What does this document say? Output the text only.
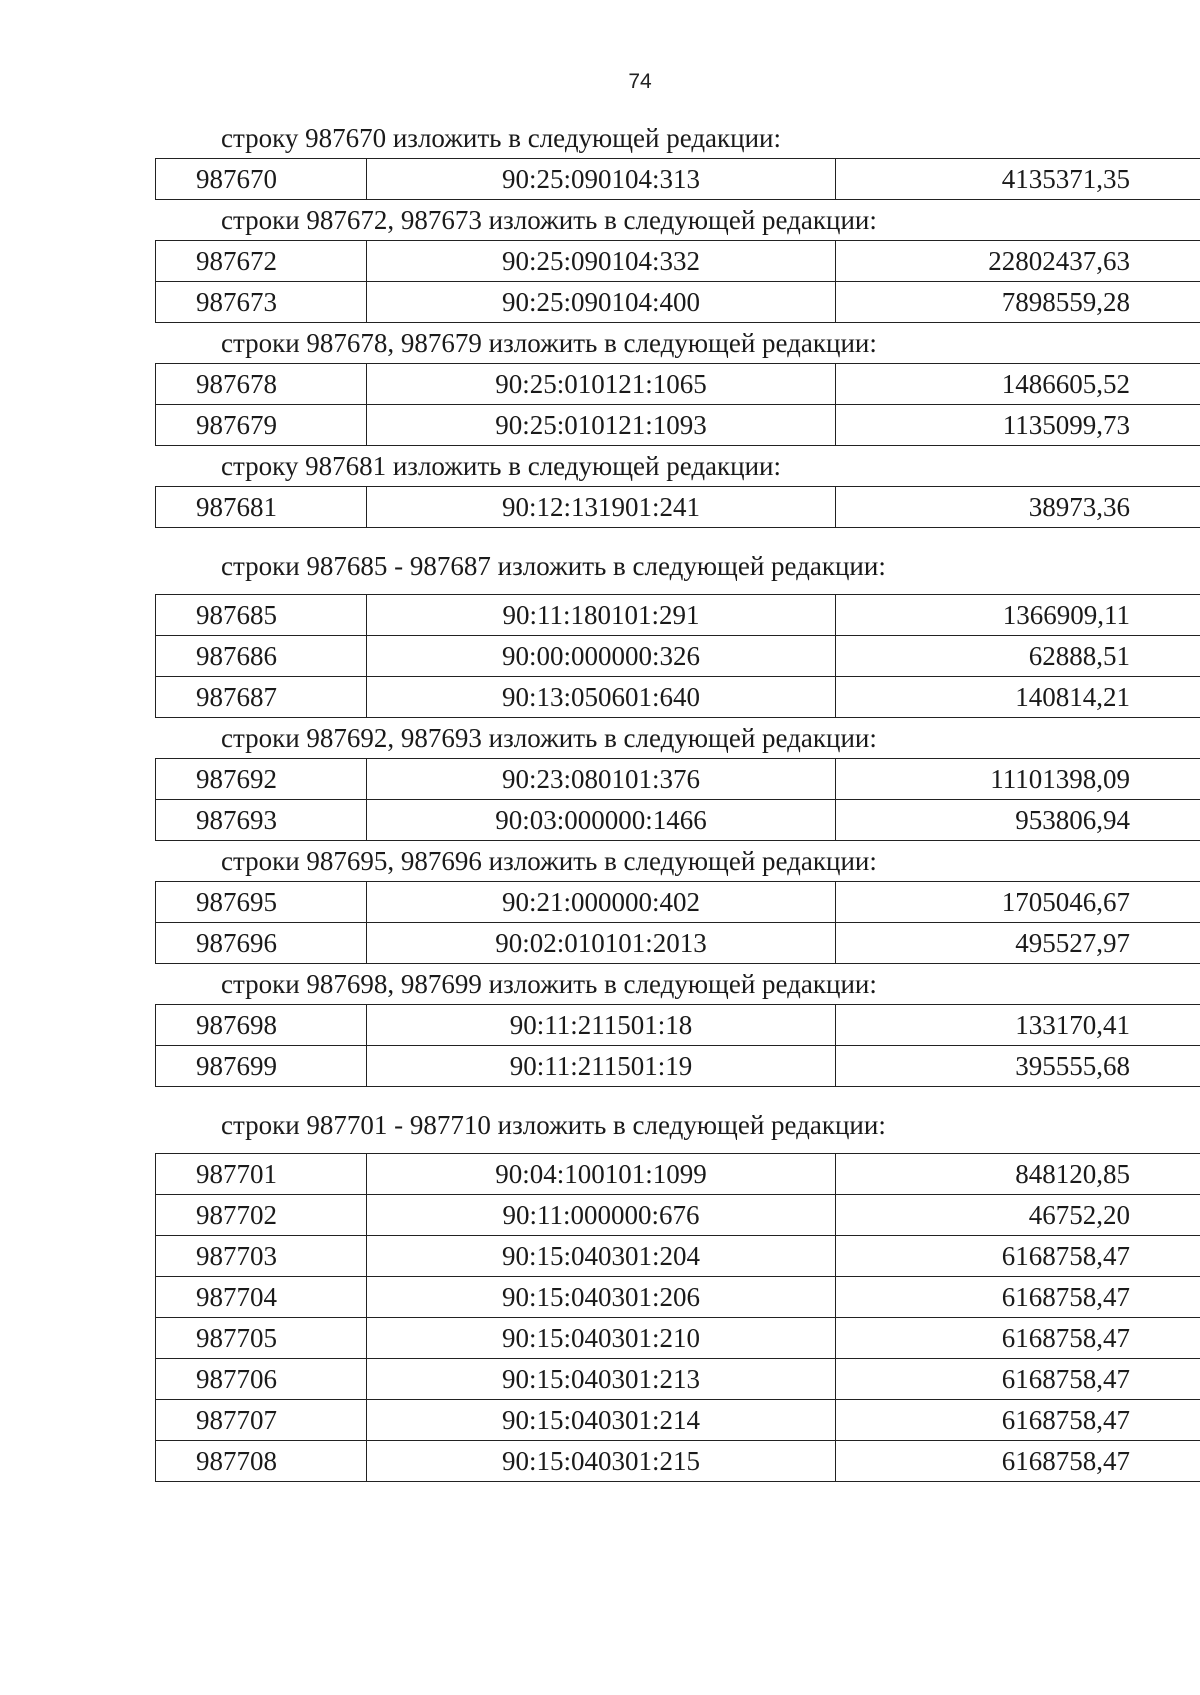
74
строку 987670 изложить в следующей редакции:
987670	90:25:090104:313	4135371,35
строки 987672, 987673 изложить в следующей редакции:
987672	90:25:090104:332	22802437,63
987673	90:25:090104:400	7898559,28
строки 987678, 987679 изложить в следующей редакции:
987678	90:25:010121:1065	1486605,52
987679	90:25:010121:1093	1135099,73
строку 987681 изложить в следующей редакции:
987681	90:12:131901:241	38973,36
строки 987685 - 987687 изложить в следующей редакции:
987685	90:11:180101:291	1366909,11
987686	90:00:000000:326	62888,51
987687	90:13:050601:640	140814,21
строки 987692, 987693 изложить в следующей редакции:
987692	90:23:080101:376	11101398,09
987693	90:03:000000:1466	953806,94
строки 987695, 987696 изложить в следующей редакции:
987695	90:21:000000:402	1705046,67
987696	90:02:010101:2013	495527,97
строки 987698, 987699 изложить в следующей редакции:
987698	90:11:211501:18	133170,41
987699	90:11:211501:19	395555,68
строки 987701 - 987710 изложить в следующей редакции:
987701	90:04:100101:1099	848120,85
987702	90:11:000000:676	46752,20
987703	90:15:040301:204	6168758,47
987704	90:15:040301:206	6168758,47
987705	90:15:040301:210	6168758,47
987706	90:15:040301:213	6168758,47
987707	90:15:040301:214	6168758,47
987708	90:15:040301:215	6168758,47
